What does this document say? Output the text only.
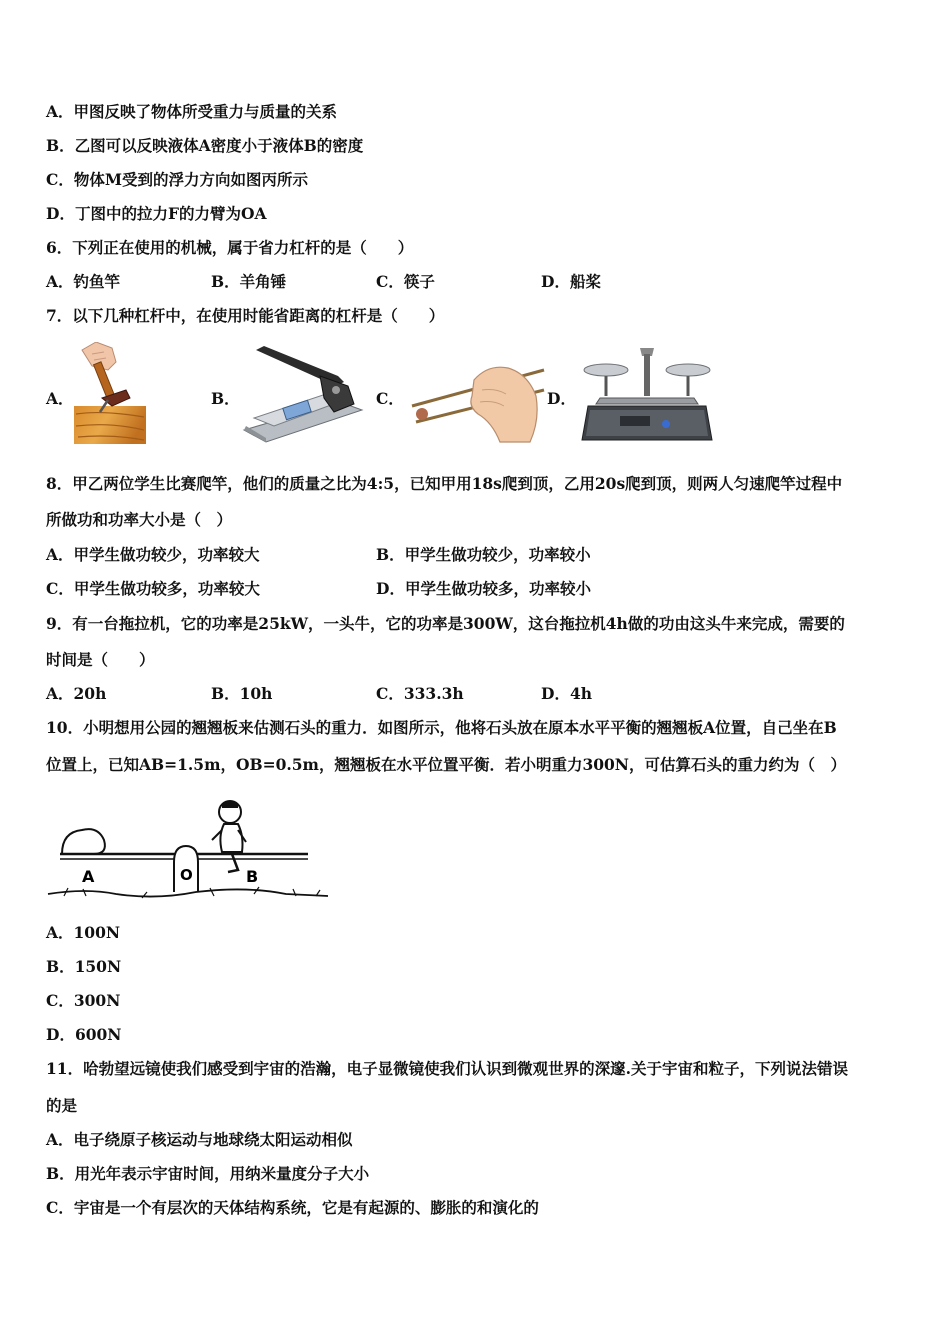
A．甲图反映了物体所受重力与质量的关系
B．乙图可以反映液体A密度小于液体B的密度
C．物体M受到的浮力方向如图丙所示
D．丁图中的拉力F的力臂为OA
6．下列正在使用的机械，属于省力杠杆的是（　　）
A．钓鱼竿	B．羊角锤	C．筷子	D．船桨
7．以下几种杠杆中，在使用时能省距离的杠杆是（　　）
A．	B．	C．	D．
8．甲乙两位学生比赛爬竿，他们的质量之比为4:5，已知甲用18s爬到顶，乙用20s爬到顶，则两人匀速爬竿过程中
所做功和功率大小是（　）
A．甲学生做功较少，功率较大	B．甲学生做功较少，功率较小
C．甲学生做功较多，功率较大	D．甲学生做功较多，功率较小
9．有一台拖拉机，它的功率是25kW，一头牛，它的功率是300W，这台拖拉机4h做的功由这头牛来完成，需要的
时间是（　　）
A．20h	B．10h	C．333.3h	D．4h
10．小明想用公园的翘翘板来估测石头的重力．如图所示，他将石头放在原本水平平衡的翘翘板A位置，自己坐在B
位置上，已知AB=1.5m，OB=0.5m，翘翘板在水平位置平衡．若小明重力300N，可估算石头的重力约为（　）
A	O	B
A．100N
B．150N
C．300N
D．600N
11．哈勃望远镜使我们感受到宇宙的浩瀚，电子显微镜使我们认识到微观世界的深邃.关于宇宙和粒子，下列说法错误
的是
A．电子绕原子核运动与地球绕太阳运动相似
B．用光年表示宇宙时间，用纳米量度分子大小
C．宇宙是一个有层次的天体结构系统，它是有起源的、膨胀的和演化的
